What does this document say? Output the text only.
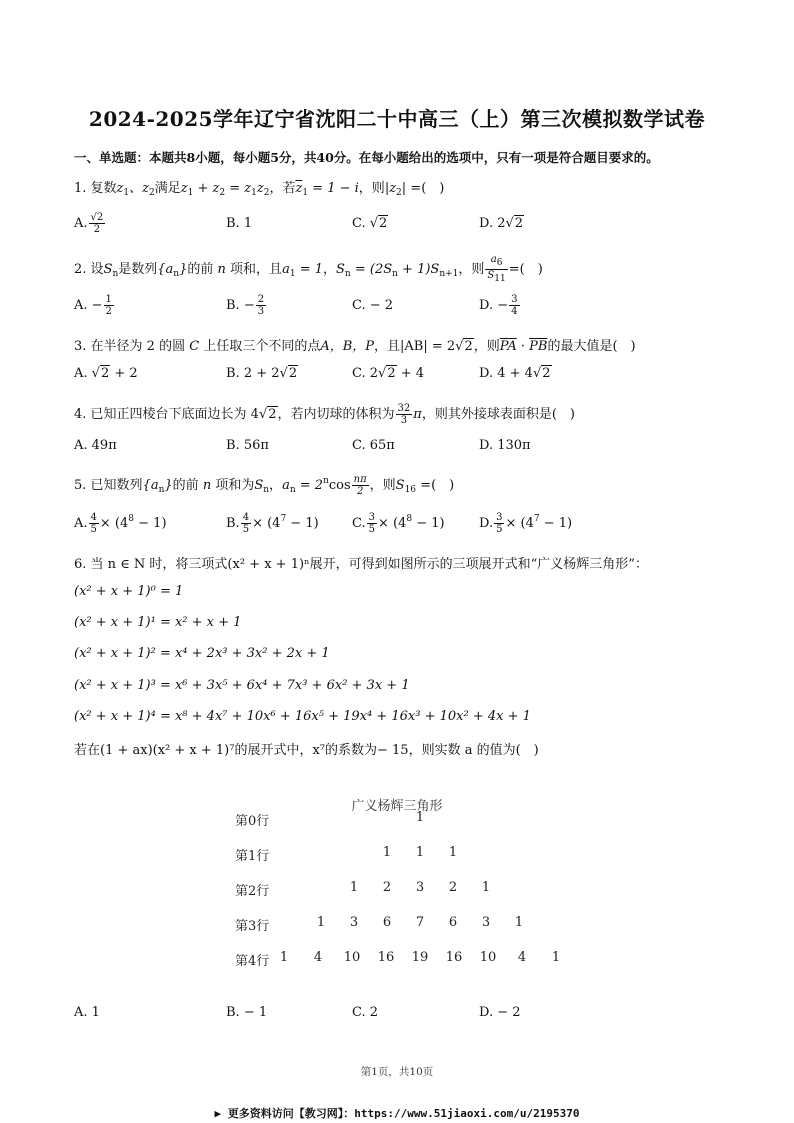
2024-2025学年辽宁省沈阳二十中高三（上）第三次模拟数学试卷
一、单选题：本题共8小题，每小题5分，共40分。在每小题给出的选项中，只有一项是符合题目要求的。
1. 复数$z_1$、$z_2$满足$z_1 + z_2 = z_1z_2$，若$\overline{z}_1 = 1 - i$，则$|z_2|$ =( )
A. $\frac{√2}{2}$	B. 1	C. √2	D. 2√2
2. 设$S_n$是数列$\{a_n\}$的前 n 项和，且$a_1 = 1$，$S_n = (2S_n + 1)S_{n+1}$，则 $\frac{a6}{S11}$ =( )
A. − $\frac{1}{2}$	B. − $\frac{2}{3}$	C. − 2	D. − $\frac{3}{4}$
3. 在半径为 2 的圆 C 上任取三个不同的点A，B，P，且|AB| = 2√2，则$\overline{PA} \cdot \overline{PB}$的最大值是( )
A. √2 + 2	B. 2 + 2√2	C. 2√2 + 4	D. 4 + 4√2
4. 已知正四棱台下底面边长为 4√2，若内切球的体积为 $\frac{32}{3}$ π，则其外接球表面积是( )
A. 49π	B. 56π	C. 65π	D. 130π
5. 已知数列$\{a_n\}$的前 n 项和为$S_n$，$a_n = 2^n\cos \frac{n\pi}{2}$ ，则$S_{16}$ =( )
A. $\frac{4}{5} \times (4^8 - 1)$	B. $\frac{4}{5} \times (4^7 - 1)$	C. $\frac{3}{5} \times (4^8 - 1)$	D. $\frac{3}{5} \times (4^7 - 1)$
6. 当 n ∈ N 时，将三项式(x² + x + 1)ⁿ展开，可得到如图所示的三项展开式和“广义杨辉三角形”：
(x² + x + 1)⁰ = 1
(x² + x + 1)¹ = x² + x + 1
(x² + x + 1)² = x⁴ + 2x³ + 3x² + 2x + 1
(x² + x + 1)³ = x⁶ + 3x⁵ + 6x⁴ + 7x³ + 6x² + 3x + 1
(x² + x + 1)⁴ = x⁸ + 4x⁷ + 10x⁶ + 16x⁵ + 19x⁴ + 16x³ + 10x² + 4x + 1
若在(1 + ax)(x² + x + 1)⁷的展开式中，x⁷的系数为− 15，则实数 a 的值为( )
广义杨辉三角形
第0行	1
第1行	1 1 1
第2行	1 2 3 2 1
第3行	1 3 6 7 6 3 1
第4行 1 4 10 16 19 16 10 4 1
A. 1	B. − 1	C. 2	D. − 2
第1页，共10页
▶ 更多资料访问【教习网】：https://www.51jiaoxi.com/u/2195370
